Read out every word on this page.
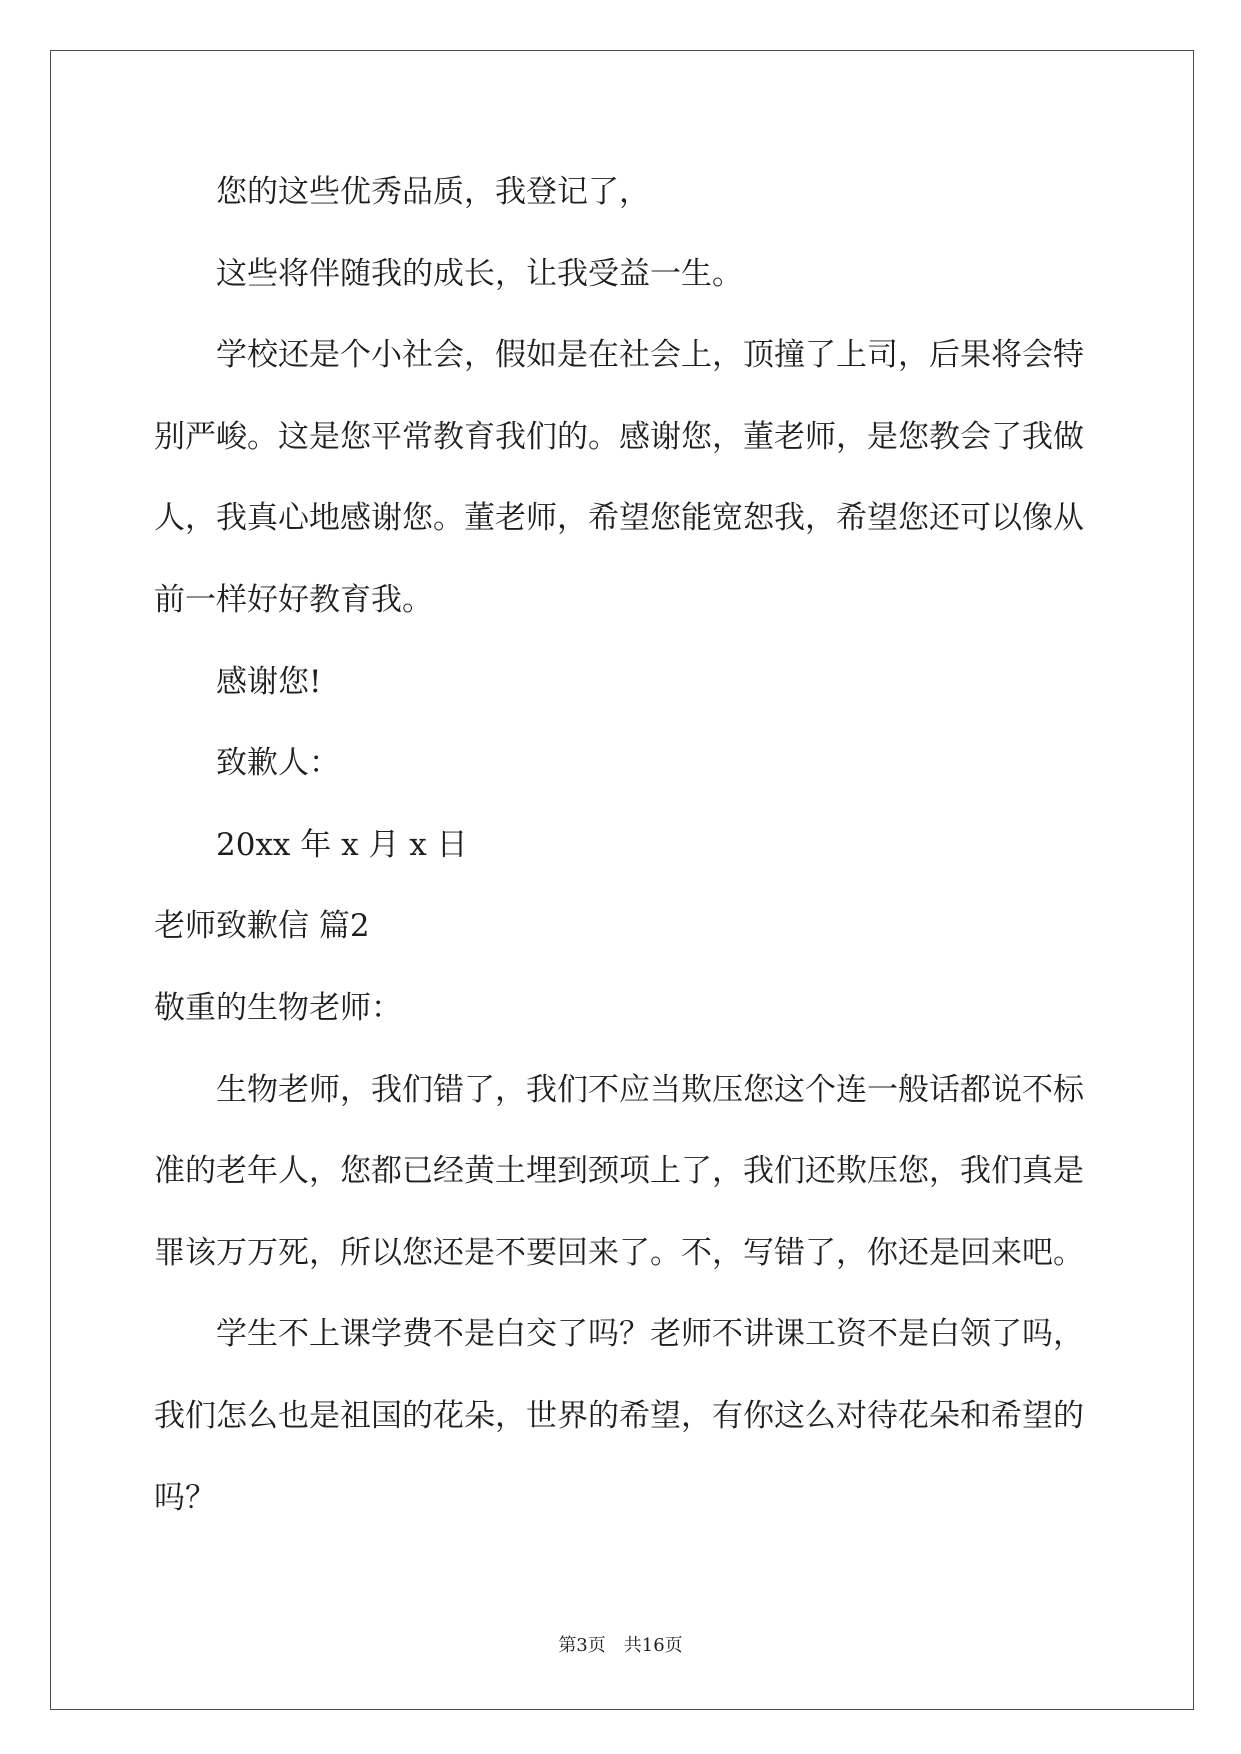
您的这些优秀品质，我登记了，
这些将伴随我的成长，让我受益一生。
学校还是个小社会，假如是在社会上，顶撞了上司，后果将会特
别严峻。这是您平常教育我们的。感谢您，董老师，是您教会了我做
人，我真心地感谢您。董老师，希望您能宽恕我，希望您还可以像从
前一样好好教育我。
感谢您!
致歉人：
20xx 年 x 月 x 日
老师致歉信 篇2
敬重的生物老师：
生物老师，我们错了，我们不应当欺压您这个连一般话都说不标
准的老年人，您都已经黄土埋到颈项上了，我们还欺压您，我们真是
罪该万万死，所以您还是不要回来了。不，写错了，你还是回来吧。
学生不上课学费不是白交了吗？老师不讲课工资不是白领了吗，
我们怎么也是祖国的花朵，世界的希望，有你这么对待花朵和希望的
吗？
第3页 共16页
